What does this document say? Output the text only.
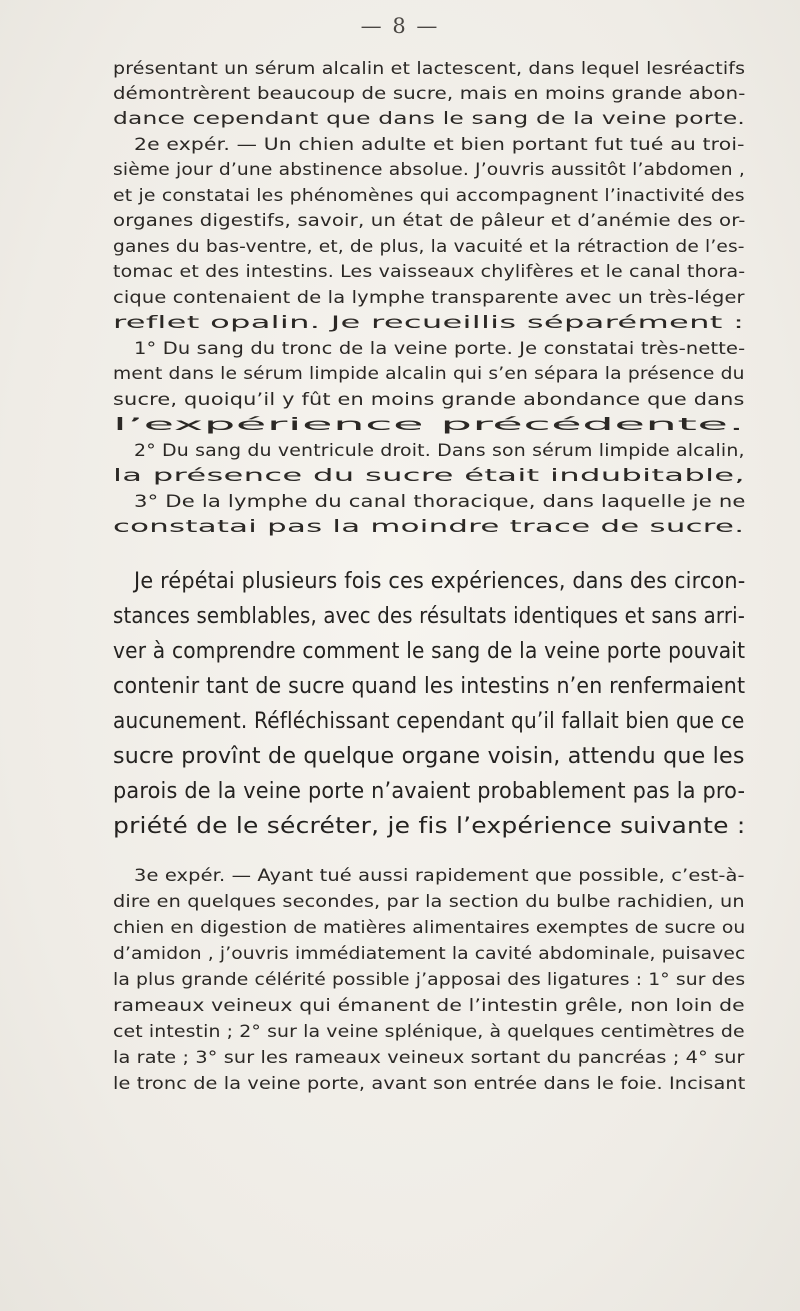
— 8 —
présentant un sérum alcalin et lactescent, dans lequel lesréactifs
démontrèrent beaucoup de sucre, mais en moins grande abon-
dance cependant que dans le sang de la veine porte.
2e expér. — Un chien adulte et bien portant fut tué au troi-
sième jour d’une abstinence absolue. J’ouvris aussitôt l’abdomen ,
et je constatai les phénomènes qui accompagnent l’inactivité des
organes digestifs, savoir, un état de pâleur et d’anémie des or-
ganes du bas-ventre, et, de plus, la vacuité et la rétraction de l’es-
tomac et des intestins. Les vaisseaux chylifères et le canal thora-
cique contenaient de la lymphe transparente avec un très-léger
reflet opalin. Je recueillis séparément :
1° Du sang du tronc de la veine porte. Je constatai très-nette-
ment dans le sérum limpide alcalin qui s’en sépara la présence du
sucre, quoiqu’il y fût en moins grande abondance que dans
l’expérience précédente.
2° Du sang du ventricule droit. Dans son sérum limpide alcalin,
la présence du sucre était indubitable,
3° De la lymphe du canal thoracique, dans laquelle je ne
constatai pas la moindre trace de sucre.
Je répétai plusieurs fois ces expériences, dans des circon-
stances semblables, avec des résultats identiques et sans arri-
ver à comprendre comment le sang de la veine porte pouvait
contenir tant de sucre quand les intestins n’en renfermaient
aucunement. Réfléchissant cependant qu’il fallait bien que ce
sucre provînt de quelque organe voisin, attendu que les
parois de la veine porte n’avaient probablement pas la pro-
priété de le sécréter, je fis l’expérience suivante :
3e expér. — Ayant tué aussi rapidement que possible, c’est-à-
dire en quelques secondes, par la section du bulbe rachidien, un
chien en digestion de matières alimentaires exemptes de sucre ou
d’amidon , j’ouvris immédiatement la cavité abdominale, puisavec
la plus grande célérité possible j’apposai des ligatures : 1° sur des
rameaux veineux qui émanent de l’intestin grêle, non loin de
cet intestin ; 2° sur la veine splénique, à quelques centimètres de
la rate ; 3° sur les rameaux veineux sortant du pancréas ; 4° sur
le tronc de la veine porte, avant son entrée dans le foie. Incisant
